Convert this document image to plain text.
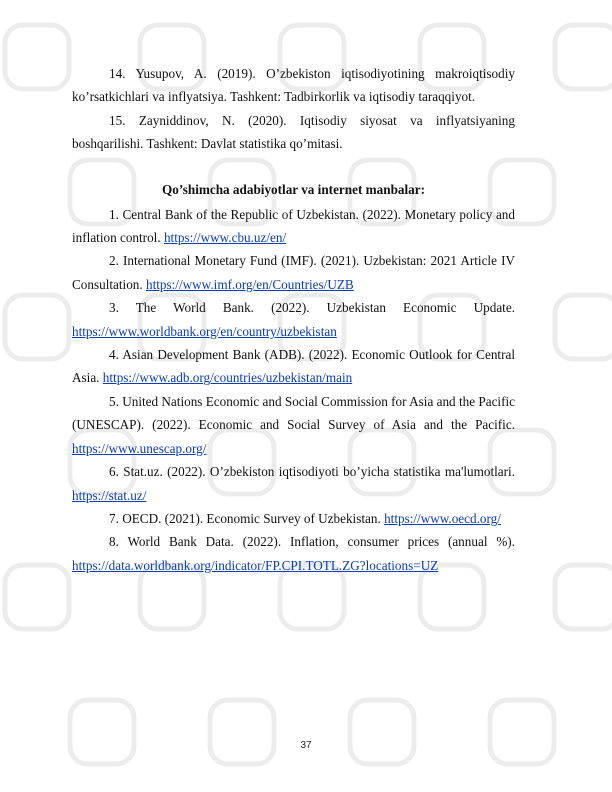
14. Yusupov, A. (2019). O’zbekiston iqtisodiyotining makroiqtisodiy ko’rsatkichlari va inflyatsiya. Tashkent: Tadbirkorlik va iqtisodiy taraqqiyot.

15. Zayniddinov, N. (2020). Iqtisodiy siyosat va inflyatsiyaning boshqarilishi. Tashkent: Davlat statistika qo’mitasi.

Qo’shimcha adabiyotlar va internet manbalar:

1. Central Bank of the Republic of Uzbekistan. (2022). Monetary policy and inflation control. https://www.cbu.uz/en/

2. International Monetary Fund (IMF). (2021). Uzbekistan: 2021 Article IV Consultation. https://www.imf.org/en/Countries/UZB

3. The World Bank. (2022). Uzbekistan Economic Update. https://www.worldbank.org/en/country/uzbekistan

4. Asian Development Bank (ADB). (2022). Economic Outlook for Central Asia. https://www.adb.org/countries/uzbekistan/main

5. United Nations Economic and Social Commission for Asia and the Pacific (UNESCAP). (2022). Economic and Social Survey of Asia and the Pacific. https://www.unescap.org/

6. Stat.uz. (2022). O’zbekiston iqtisodiyoti bo’yicha statistika ma'lumotlari. https://stat.uz/

7. OECD. (2021). Economic Survey of Uzbekistan. https://www.oecd.org/

8. World Bank Data. (2022). Inflation, consumer prices (annual %). https://data.worldbank.org/indicator/FP.CPI.TOTL.ZG?locations=UZ

37
